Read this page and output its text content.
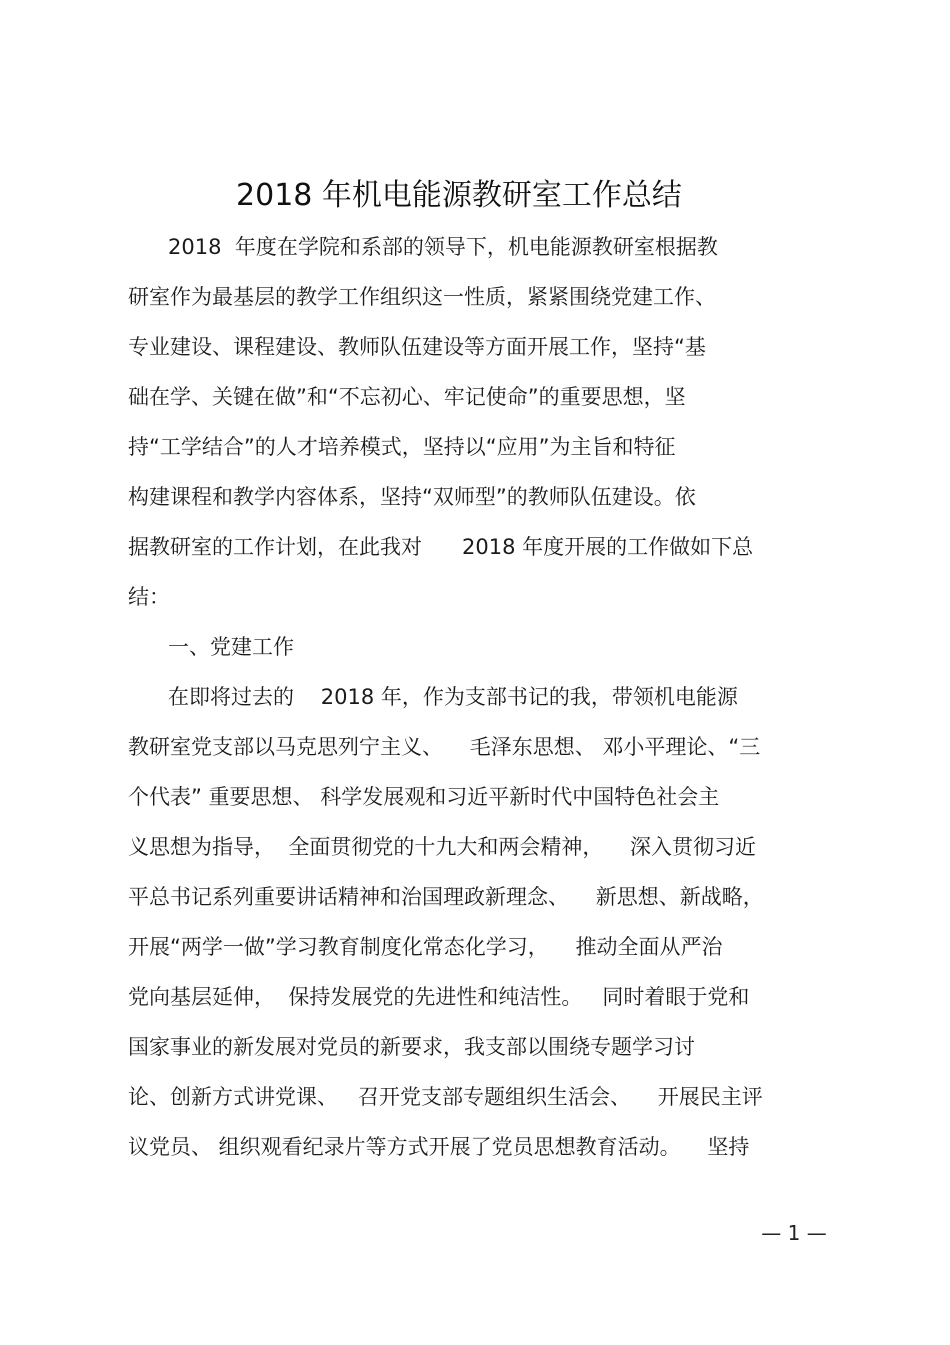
2018 年机电能源教研室工作总结
2018  年度在学院和系部的领导下，机电能源教研室根据教
研室作为最基层的教学工作组织这一性质，紧紧围绕党建工作、
专业建设、课程建设、教师队伍建设等方面开展工作，坚持“基
础在学、关键在做”和“不忘初心、牢记使命”的重要思想，坚
持“工学结合”的人才培养模式，坚持以“应用”为主旨和特征
构建课程和教学内容体系，坚持“双师型”的教师队伍建设。依
据教研室的工作计划，在此我对      2018 年度开展的工作做如下总
结：
一、党建工作
在即将过去的    2018 年，作为支部书记的我，带领机电能源
教研室党支部以马克思列宁主义、    毛泽东思想、 邓小平理论、“三
个代表” 重要思想、 科学发展观和习近平新时代中国特色社会主
义思想为指导，  全面贯彻党的十九大和两会精神，    深入贯彻习近
平总书记系列重要讲话精神和治国理政新理念、    新思想、新战略，
开展“两学一做”学习教育制度化常态化学习，    推动全面从严治
党向基层延伸，  保持发展党的先进性和纯洁性。   同时着眼于党和
国家事业的新发展对党员的新要求，我支部以围绕专题学习讨
论、创新方式讲党课、   召开党支部专题组织生活会、    开展民主评
议党员、 组织观看纪录片等方式开展了党员思想教育活动。    坚持
— 1 —
